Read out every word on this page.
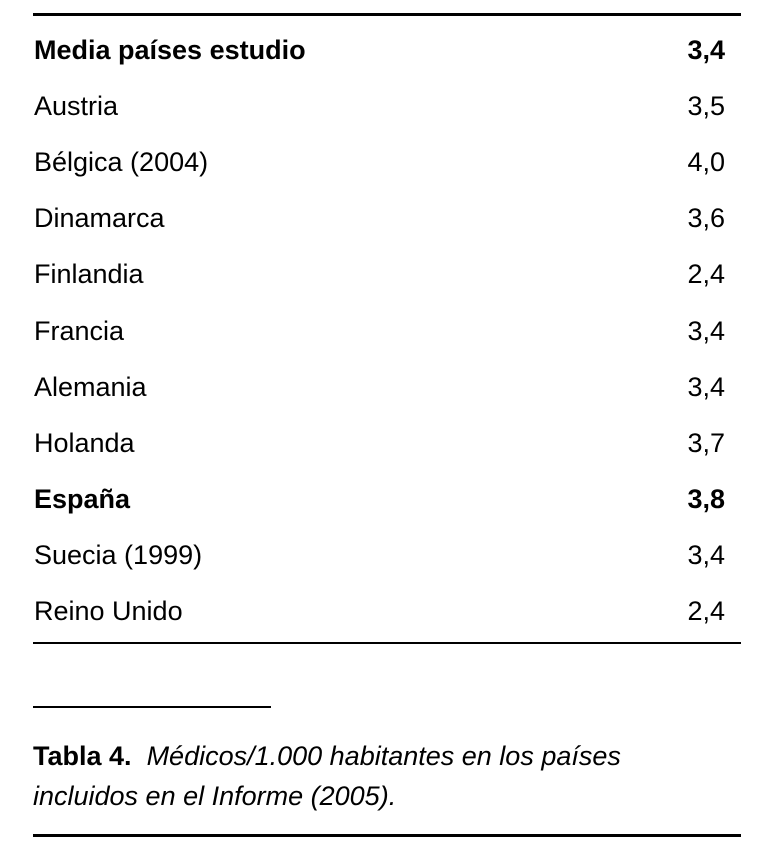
Media países estudio	3,4
Austria	3,5
Bélgica (2004)	4,0
Dinamarca	3,6
Finlandia	2,4
Francia	3,4
Alemania	3,4
Holanda	3,7
España	3,8
Suecia (1999)	3,4
Reino Unido	2,4
Tabla 4. Médicos/1.000 habitantes en los países incluidos en el Informe (2005).
